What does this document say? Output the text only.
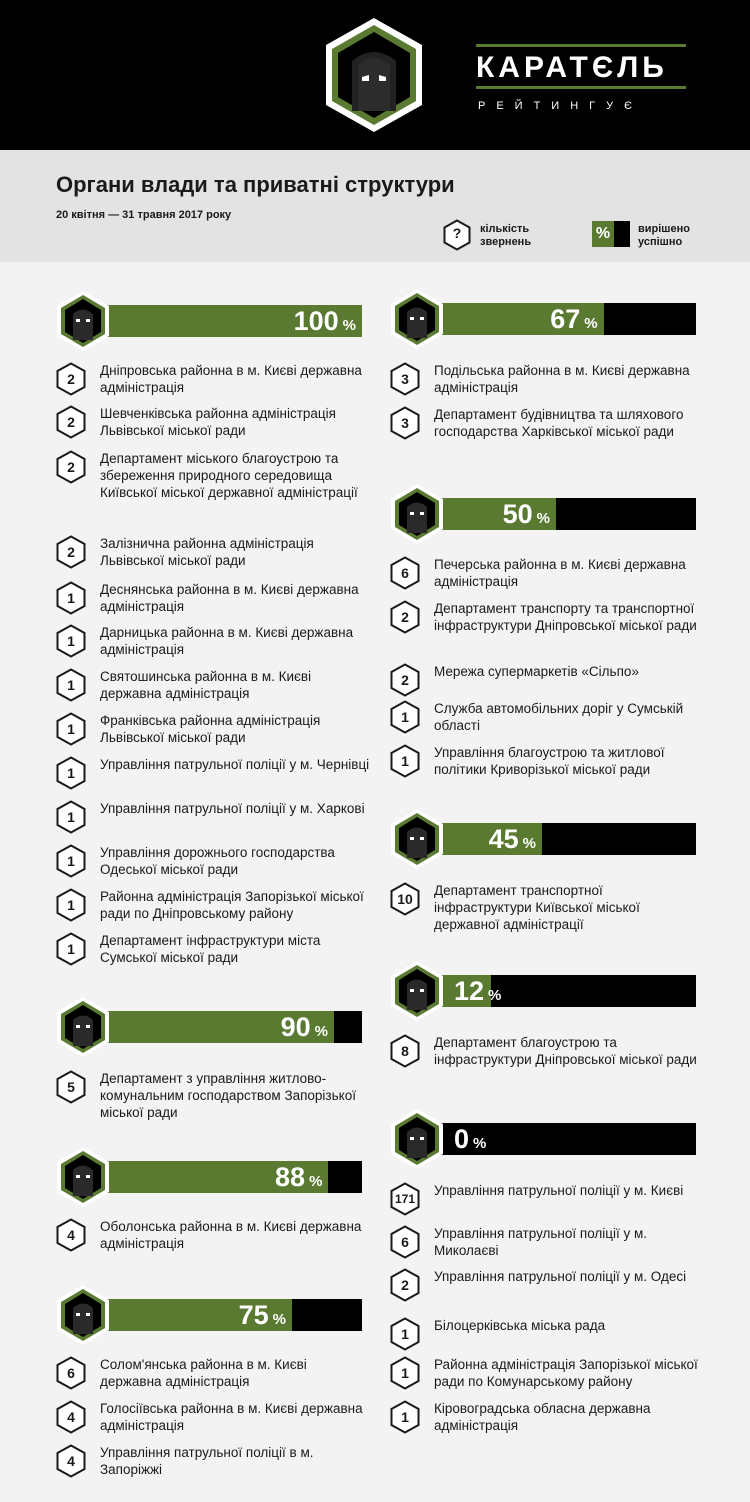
КАРАТЄЛЬ
РЕЙТИНГУЄ
Органи влади та приватні структури
20 квітня — 31 травня 2017 року
?	кількість
звернень	%	вирішено
успішно
100 %
2
Дніпровська районна в м. Києві державна адміністрація
2
Шевченківська районна адміністрація Львівської міської ради
2
Департамент міського благоустрою та збереження природного середовища Київської міської державної адміністрації
2
Залізнична районна адміністрація Львівської міської ради
1
Деснянська районна в м. Києві державна адміністрація
1
Дарницька районна в м. Києві державна адміністрація
1
Святошинська районна в м. Києві державна адміністрація
1
Франківська районна адміністрація Львівської міської ради
1
Управління патрульної поліції у м. Чернівці
1
Управління патрульної поліції у м. Харкові
1
Управління дорожнього господарства Одеської міської ради
1
Районна адміністрація Запорізької міської ради по Дніпровському району
1
Департамент інфраструктури міста Сумської міської ради
90 %
5
Департамент з управління житлово-комунальним господарством Запорізької міської ради
88 %
4
Оболонська районна в м. Києві державна адміністрація
75 %
6
Солом'янська районна в м. Києві державна адміністрація
4
Голосіївська районна в м. Києві державна адміністрація
4
Управління патрульної поліції в м. Запоріжжі
67 %
3
Подільська районна в м. Києві державна адміністрація
3
Департамент будівництва та шляхового господарства Харківської міської ради
50 %
6
Печерська районна в м. Києві державна адміністрація
2
Департамент транспорту та транспортної інфраструктури Дніпровської міської ради
2
Мережа супермаркетів «Сільпо»
1
Служба автомобільних доріг у Сумській області
1
Управління благоустрою та житлової політики Криворізької міської ради
45 %
10
Департамент транспортної інфраструктури Київської міської державної адміністрації
12 %
8
Департамент благоустрою та інфраструктури Дніпровської міської ради
0 %
171
Управління патрульної поліції у м. Києві
6
Управління патрульної поліції у м. Миколаєві
2
Управління патрульної поліції у м. Одесі
1
Білоцерківська міська рада
1
Районна адміністрація Запорізької міської ради по Комунарському району
1
Кіровоградська обласна державна адміністрація
